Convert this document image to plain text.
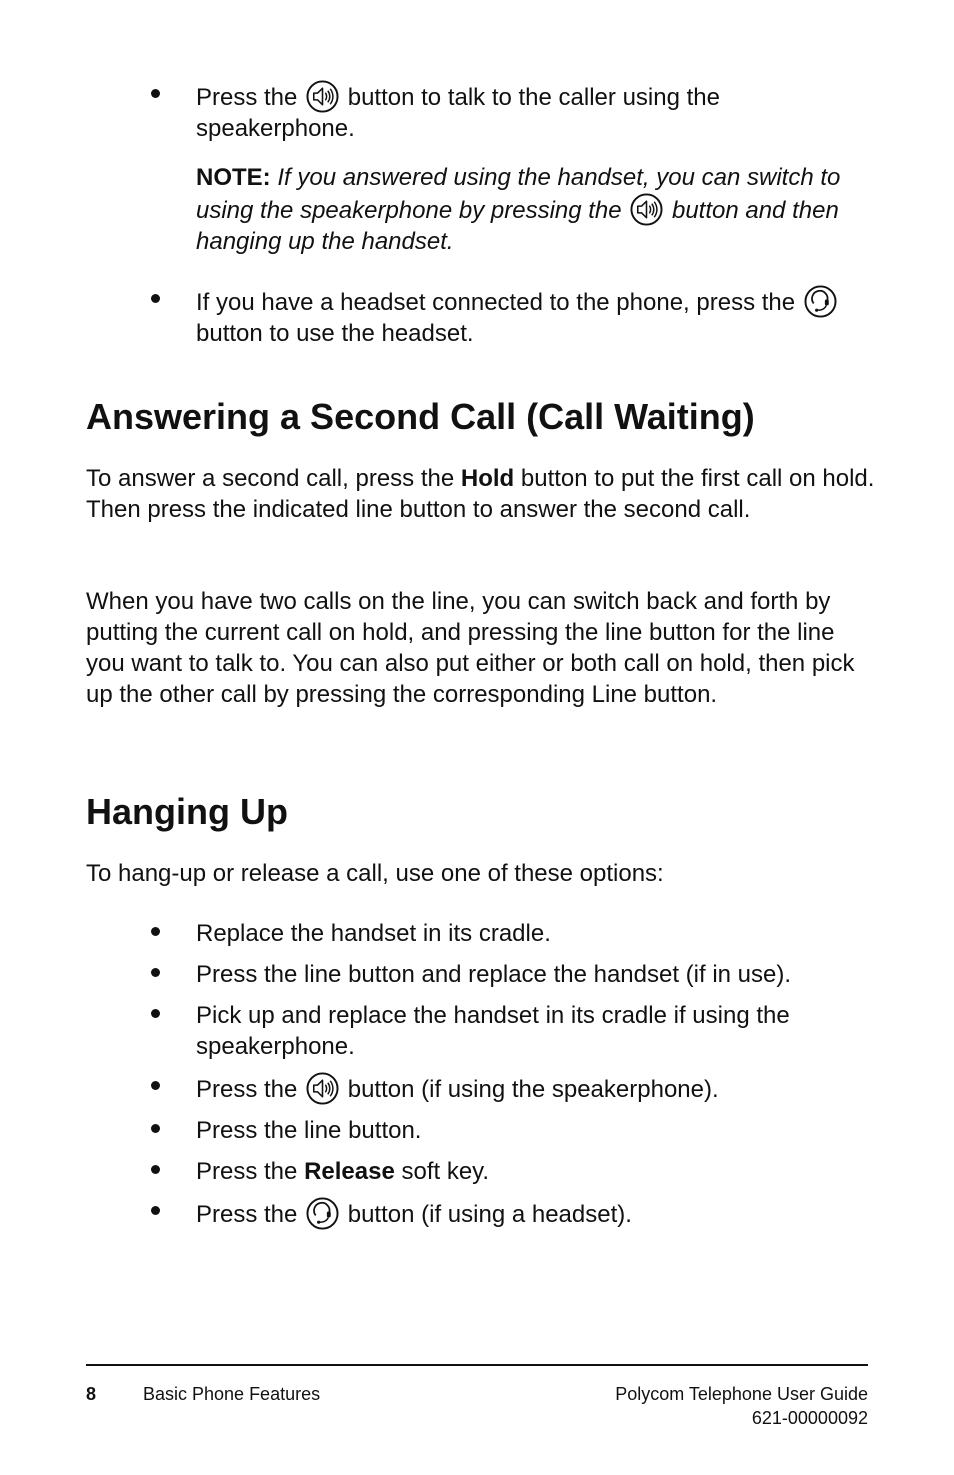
Press the button to talk to the caller using the speakerphone.
NOTE: If you answered using the handset, you can switch to using the speakerphone by pressing the button and then hanging up the handset.
If you have a headset connected to the phone, press the
button to use the headset.
Answering a Second Call (Call Waiting)
To answer a second call, press the Hold button to put the first call on hold. Then press the indicated line button to answer the second call.
When you have two calls on the line, you can switch back and forth by putting the current call on hold, and pressing the line button for the line you want to talk to. You can also put either or both call on hold, then pick up the other call by pressing the corresponding Line button.
Hanging Up
To hang-up or release a call, use one of these options:
Replace the handset in its cradle.
Press the line button and replace the handset (if in use).
Pick up and replace the handset in its cradle if using the speakerphone.
Press the button (if using the speakerphone).
Press the line button.
Press the Release soft key.
Press the button (if using a headset).
8	Basic Phone Features	Polycom Telephone User Guide
621-00000092
